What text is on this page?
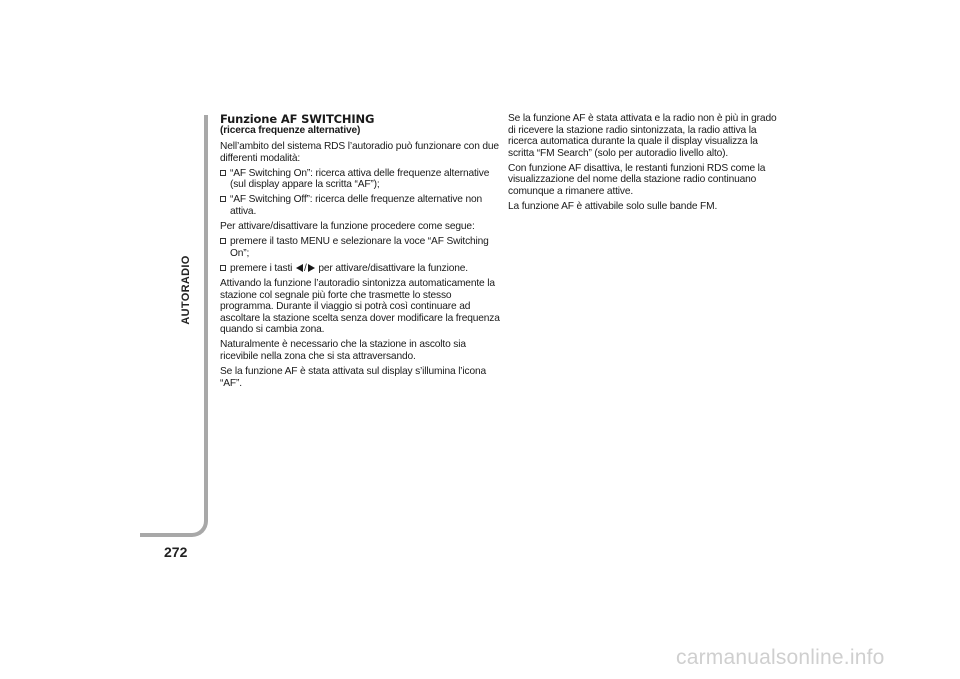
AUTORADIO
272
Funzione AF SWITCHING
(ricerca frequenze alternative)

Nell’ambito del sistema RDS l’autoradio può funzionare con due differenti modalità:

“AF Switching On”: ricerca attiva delle frequenze alternative (sul display appare la scritta “AF”);
“AF Switching Off”: ricerca delle frequenze alternative non attiva.

Per attivare/disattivare la funzione procedere come segue:

premere il tasto MENU e selezionare la voce “AF Switching On”;
premere i tasti / per attivare/disattivare la funzione.

Attivando la funzione l’autoradio sintonizza automaticamente la stazione col segnale più forte che trasmette lo stesso programma. Durante il viaggio si potrà così continuare ad ascoltare la stazione scelta senza dover modificare la frequenza quando si cambia zona.

Naturalmente è necessario che la stazione in ascolto sia ricevibile nella zona che si sta attraversando.

Se la funzione AF è stata attivata sul display s’illumina l’icona “AF”.

Se la funzione AF è stata attivata e la radio non è più in grado di ricevere la stazione radio sintonizzata, la radio attiva la ricerca automatica durante la quale il display visualizza la scritta “FM Search” (solo per autoradio livello alto).

Con funzione AF disattiva, le restanti funzioni RDS come la visualizzazione del nome della stazione radio continuano comunque a rimanere attive.

La funzione AF è attivabile solo sulle bande FM.

carmanualsonline.info
